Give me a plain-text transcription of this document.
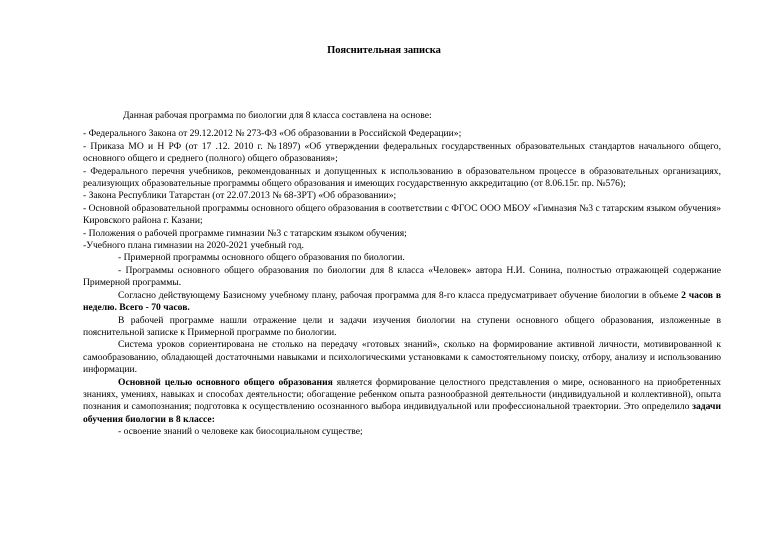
Пояснительная записка

Данная рабочая программа по биологии для 8 класса составлена на основе:

- Федерального Закона от 29.12.2012 № 273-ФЗ «Об образовании в Российской Федерации»;

- Приказа МО и Н РФ (от 17 .12. 2010 г. №1897) «Об утверждении федеральных государственных образовательных стандартов начального общего, основного общего и среднего (полного) общего образования»;

- Федерального перечня учебников, рекомендованных и допущенных к использованию в образовательном процессе в образовательных организациях, реализующих образовательные программы общего образования и имеющих государственную аккредитацию (от 8.06.15г. пр. №576);

- Закона Республики Татарстан (от 22.07.2013 № 68-ЗРТ) «Об образовании»;

- Основной образовательной программы основного общего образования в соответствии с ФГОС ООО МБОУ «Гимназия №3 с татарским языком обучения» Кировского района г. Казани;

- Положения о рабочей программе гимназии №3 с татарским языком обучения;

-Учебного плана гимназии на 2020-2021 учебный год.

- Примерной программы основного общего образования по биологии.

- Программы основного общего образования по биологии для 8 класса «Человек» автора Н.И. Сонина, полностью отражающей содержание Примерной программы.

Согласно действующему Базисному учебному плану, рабочая программа для 8-го класса предусматривает обучение биологии в объеме 2 часов в неделю. Всего - 70 часов.

В рабочей программе нашли отражение цели и задачи изучения биологии на ступени основного общего образования, изложенные в пояснительной записке к Примерной программе по биологии.

Система уроков сориентирована не столько на передачу «готовых знаний», сколько на формирование активной личности, мотивированной к самообразованию, обладающей достаточными навыками и психологическими установками к самостоятельному поиску, отбору, анализу и использованию информации.

Основной целью основного общего образования является формирование целостного представления о мире, основанного на приобретенных знаниях, умениях, навыках и способах деятельности; обогащение ребенком опыта разнообразной деятельности (индивидуальной и коллективной), опыта познания и самопознания; подготовка к осуществлению осознанного выбора индивидуальной или профессиональной траектории. Это определило задачи обучения биологии в 8 классе:

- освоение знаний о человеке как биосоциальном существе;
